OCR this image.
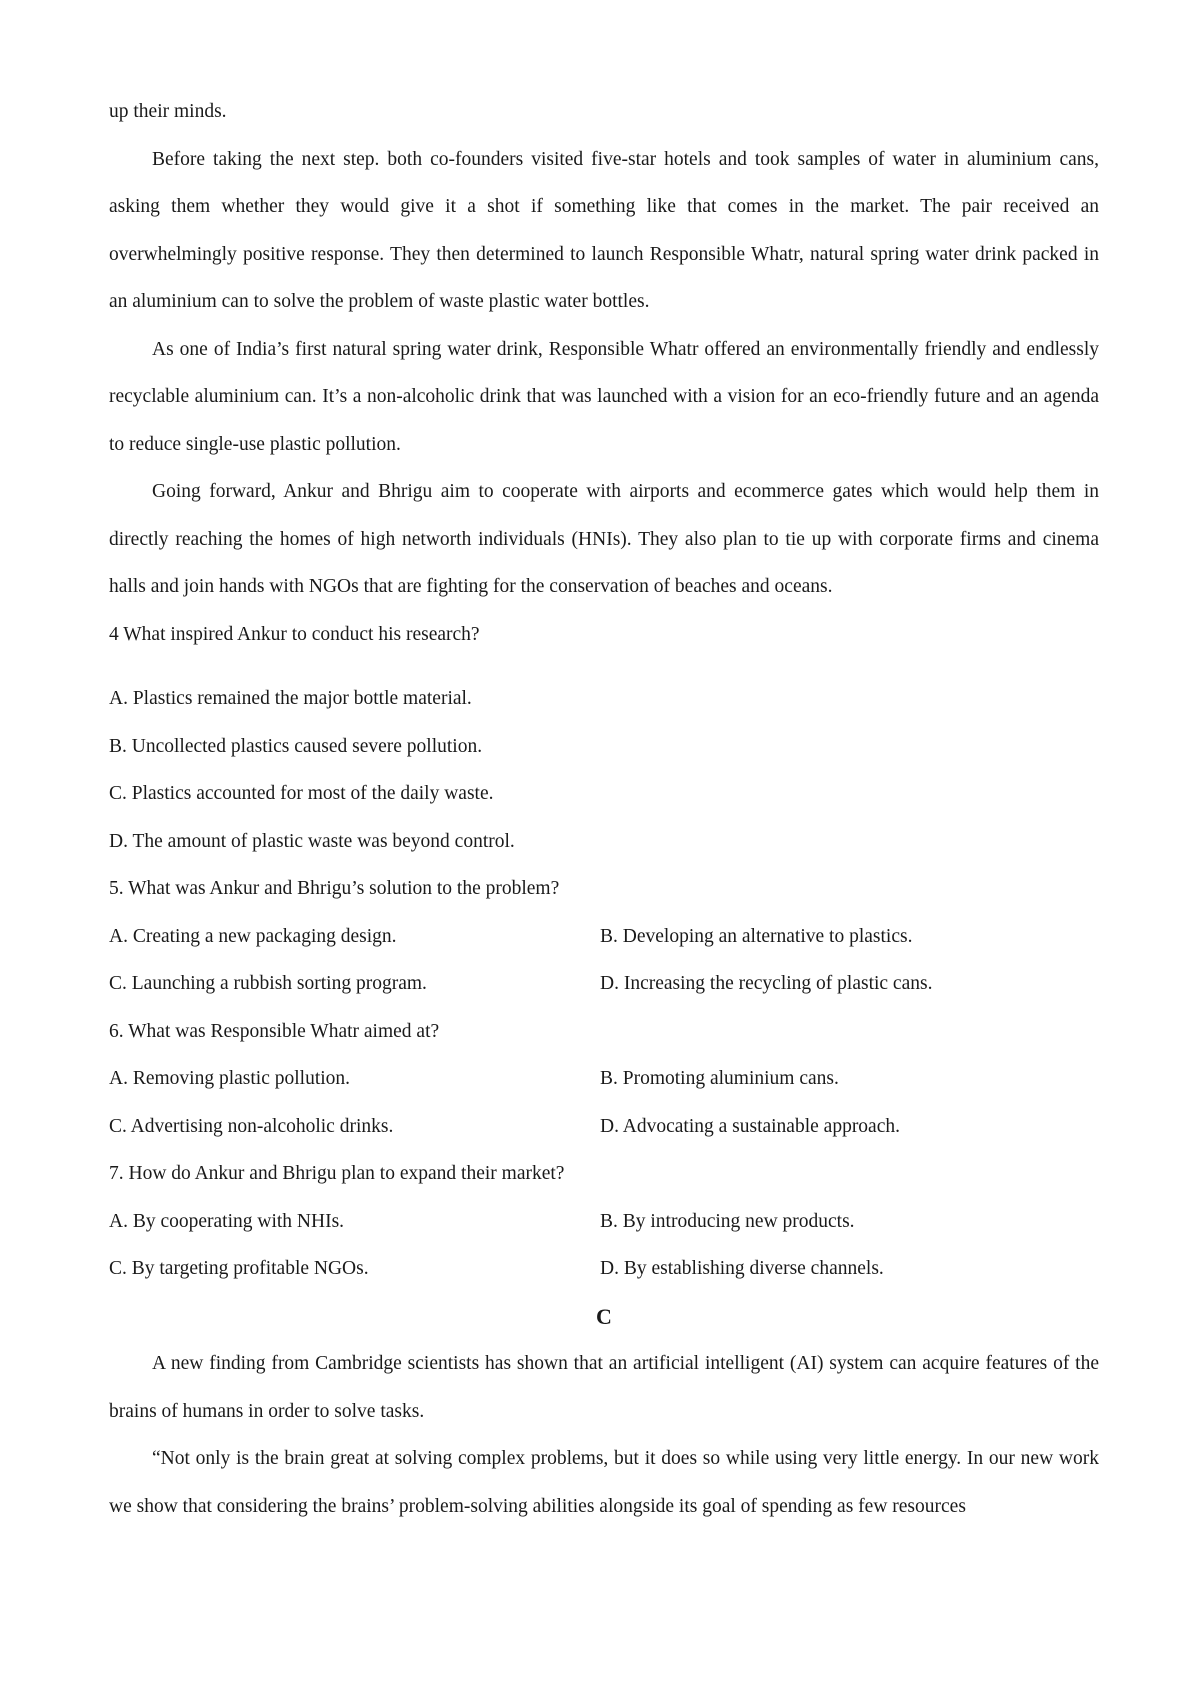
up their minds.

Before taking the next step. both co-founders visited five-star hotels and took samples of water in aluminium cans, asking them whether they would give it a shot if something like that comes in the market. The pair received an overwhelmingly positive response. They then determined to launch Responsible Whatr, natural spring water drink packed in an aluminium can to solve the problem of waste plastic water bottles.

As one of India’s first natural spring water drink, Responsible Whatr offered an environmentally friendly and endlessly recyclable aluminium can. It’s a non-alcoholic drink that was launched with a vision for an eco-friendly future and an agenda to reduce single-use plastic pollution.

Going forward, Ankur and Bhrigu aim to cooperate with airports and ecommerce gates which would help them in directly reaching the homes of high networth individuals (HNIs). They also plan to tie up with corporate firms and cinema halls and join hands with NGOs that are fighting for the conservation of beaches and oceans.

4 What inspired Ankur to conduct his research?
A. Plastics remained the major bottle material.
B. Uncollected plastics caused severe pollution.
C. Plastics accounted for most of the daily waste.
D. The amount of plastic waste was beyond control.
5. What was Ankur and Bhrigu’s solution to the problem?
A. Creating a new packaging design.	B. Developing an alternative to plastics.
C. Launching a rubbish sorting program.	D. Increasing the recycling of plastic cans.
6. What was Responsible Whatr aimed at?
A. Removing plastic pollution.	B. Promoting aluminium cans.
C. Advertising non-alcoholic drinks.	D. Advocating a sustainable approach.
7. How do Ankur and Bhrigu plan to expand their market?
A. By cooperating with NHIs.	B. By introducing new products.
C. By targeting profitable NGOs.	D. By establishing diverse channels.
C

A new finding from Cambridge scientists has shown that an artificial intelligent (AI) system can acquire features of the brains of humans in order to solve tasks.

“Not only is the brain great at solving complex problems, but it does so while using very little energy. In our new work we show that considering the brains’ problem-solving abilities alongside its goal of spending as few resources
